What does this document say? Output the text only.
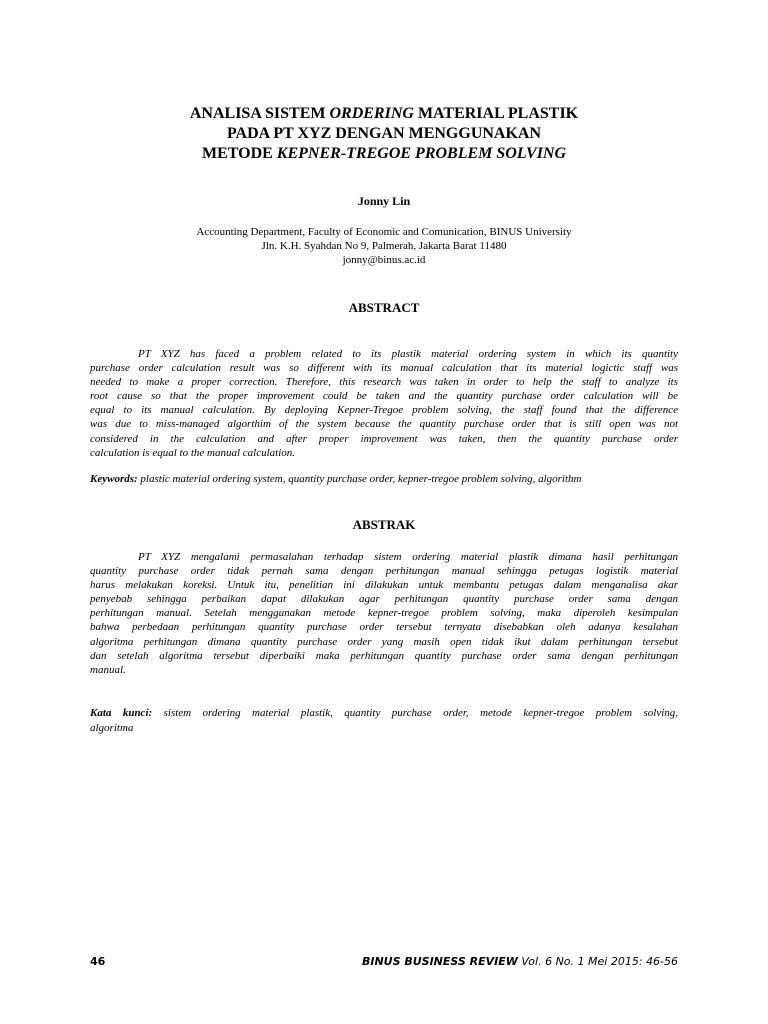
ANALISA SISTEM ORDERING MATERIAL PLASTIK
PADA PT XYZ DENGAN MENGGUNAKAN
METODE KEPNER-TREGOE PROBLEM SOLVING
Jonny Lin
Accounting Department, Faculty of Economic and Comunication, BINUS University
Jln. K.H. Syahdan No 9, Palmerah, Jakarta Barat 11480
jonny@binus.ac.id
ABSTRACT
PT XYZ has faced a problem related to its plastik material ordering system in which its quantity
purchase order calculation result was so different with its manual calculation that its material logictic staff was
needed to make a proper correction. Therefore, this research was taken in order to help the staff to analyze its
root cause so that the proper improvement could be taken and the quantity purchase order calculation will be
equal to its manual calculation. By deploying Kepner-Tregoe problem solving, the staff found that the difference
was due to miss-managed algorthim of the system because the quantity purchase order that is still open was not
considered in the calculation and after proper improvement was taken, then the quantity purchase order
calculation is equal to the manual calculation.
Keywords: plastic material ordering system, quantity purchase order, kepner-tregoe problem solving, algorithm
ABSTRAK
PT XYZ mengalami permasalahan terhadap sistem ordering material plastik dimana hasil perhitungan
quantity purchase order tidak pernah sama dengan perhitungan manual sehingga petugas logistik material
harus melakukan koreksi. Untuk itu, penelitian ini dilakukan untuk membantu petugas dalam menganalisa akar
penyebab sehingga perbaikan dapat dilakukan agar perhitungan quantity purchase order sama dengan
perhitungan manual. Setelah menggunakan metode kepner-tregoe problem solving, maka diperoleh kesimpulan
bahwa perbedaan perhitungan quantity purchase order tersebut ternyata disebabkan oleh adanya kesalahan
algoritma perhitungan dimana quantity purchase order yang masih open tidak ikut dalam perhitungan tersebut
dan setelah algoritma tersebut diperbaiki maka perhitungan quantity purchase order sama dengan perhitungan
manual.
Kata kunci: sistem ordering material plastik, quantity purchase order, metode kepner-tregoe problem solving,
algoritma
46	BINUS BUSINESS REVIEW Vol. 6 No. 1 Mei 2015: 46-56
